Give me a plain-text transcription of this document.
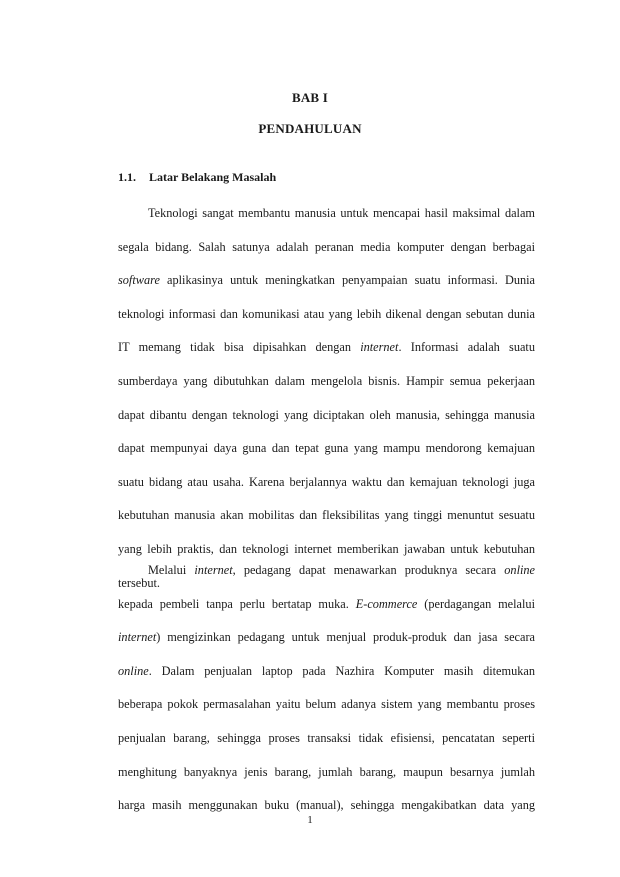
BAB I
PENDAHULUAN
1.1. Latar Belakang Masalah
Teknologi sangat membantu manusia untuk mencapai hasil maksimal dalam
segala bidang. Salah satunya adalah peranan media komputer dengan berbagai
software aplikasinya untuk meningkatkan penyampaian suatu informasi. Dunia
teknologi informasi dan komunikasi atau yang lebih dikenal dengan sebutan dunia
IT memang tidak bisa dipisahkan dengan internet. Informasi adalah suatu
sumberdaya yang dibutuhkan dalam mengelola bisnis. Hampir semua pekerjaan
dapat dibantu dengan teknologi yang diciptakan oleh manusia, sehingga manusia
dapat mempunyai daya guna dan tepat guna yang mampu mendorong kemajuan
suatu bidang atau usaha. Karena berjalannya waktu dan kemajuan teknologi juga
kebutuhan manusia akan mobilitas dan fleksibilitas yang tinggi menuntut sesuatu
yang lebih praktis, dan teknologi internet memberikan jawaban untuk kebutuhan
tersebut.
Melalui internet, pedagang dapat menawarkan produknya secara online
kepada pembeli tanpa perlu bertatap muka. E-commerce (perdagangan melalui
internet) mengizinkan pedagang untuk menjual produk-produk dan jasa secara
online. Dalam penjualan laptop pada Nazhira Komputer masih ditemukan
beberapa pokok permasalahan yaitu belum adanya sistem yang membantu proses
penjualan barang, sehingga proses transaksi tidak efisiensi, pencatatan seperti
menghitung banyaknya jenis barang, jumlah barang, maupun besarnya jumlah
harga masih menggunakan buku (manual), sehingga mengakibatkan data yang
1
